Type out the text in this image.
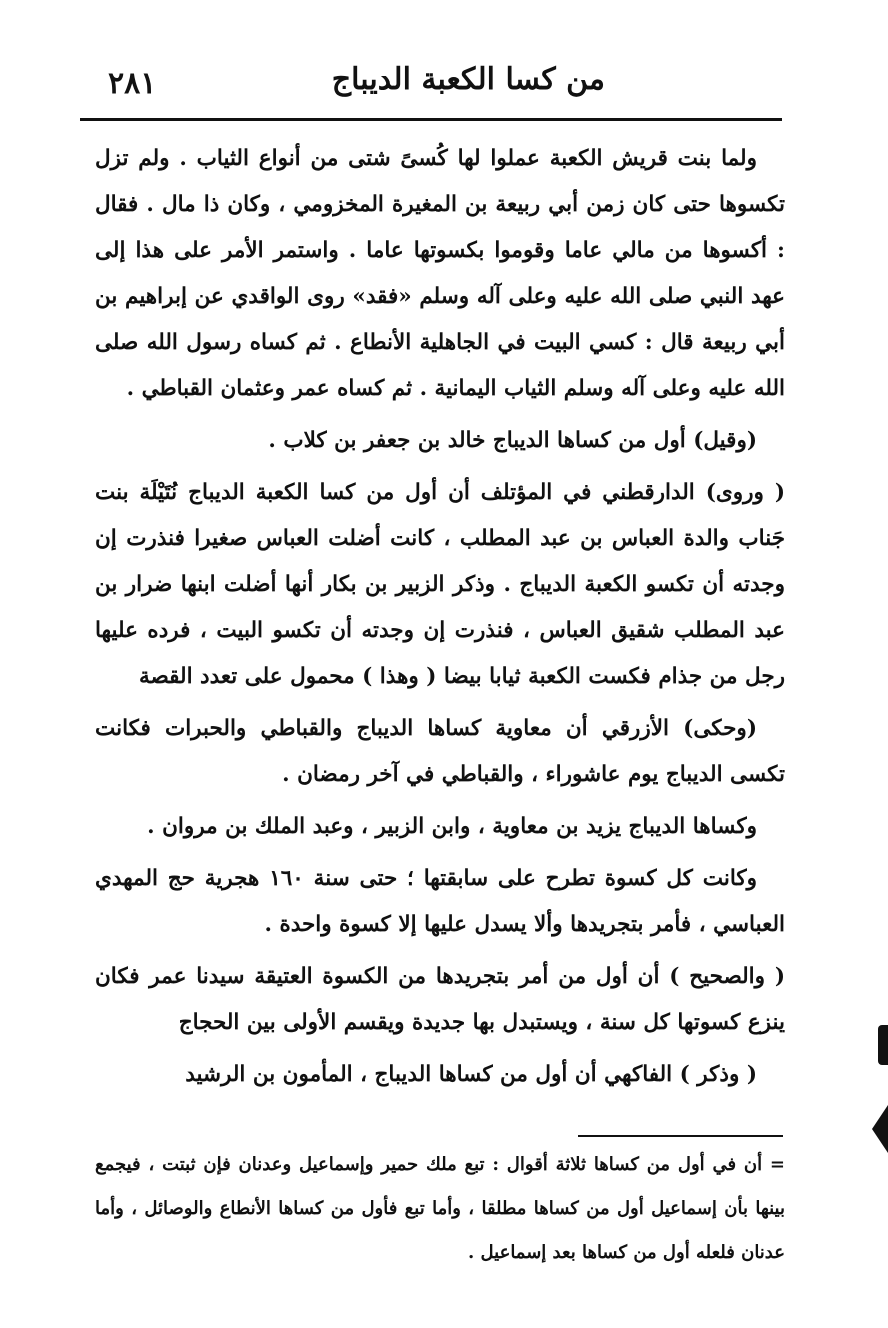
من كسا الكعبة الديباج
٢٨١

ولما بنت قريش الكعبة عملوا لها كُسىً شتى من أنواع الثياب . ولم تزل تكسوها حتى كان زمن أبي ربيعة بن المغيرة المخزومي ، وكان ذا مال . فقال : أكسوها من مالي عاما وقوموا بكسوتها عاما . واستمر الأمر على هذا إلى عهد النبي صلى الله عليه وعلى آله وسلم «فقد» روى الواقدي عن إبراهيم بن أبي ربيعة قال : كسي البيت في الجاهلية الأنطاع . ثم كساه رسول الله صلى الله عليه وعلى آله وسلم الثياب اليمانية . ثم كساه عمر وعثمان القباطي .

(وقيل) أول من كساها الديباج خالد بن جعفر بن كلاب .

( وروى) الدارقطني في المؤتلف أن أول من كسا الكعبة الديباج نُتَيْلَة بنت جَناب والدة العباس بن عبد المطلب ، كانت أضلت العباس صغيرا فنذرت إن وجدته أن تكسو الكعبة الديباج . وذكر الزبير بن بكار أنها أضلت ابنها ضرار بن عبد المطلب شقيق العباس ، فنذرت إن وجدته أن تكسو البيت ، فرده عليها رجل من جذام فكست الكعبة ثيابا بيضا ( وهذا ) محمول على تعدد القصة

(وحكى) الأزرقي أن معاوية كساها الديباج والقباطي والحبرات فكانت تكسى الديباج يوم عاشوراء ، والقباطي في آخر رمضان .

وكساها الديباج يزيد بن معاوية ، وابن الزبير ، وعبد الملك بن مروان .

وكانت كل كسوة تطرح على سابقتها ؛ حتى سنة ١٦٠ هجرية حج المهدي العباسي ، فأمر بتجريدها وألا يسدل عليها إلا كسوة واحدة .

( والصحيح ) أن أول من أمر بتجريدها من الكسوة العتيقة سيدنا عمر فكان ينزع كسوتها كل سنة ، ويستبدل بها جديدة ويقسم الأولى بين الحجاج

( وذكر ) الفاكهي أن أول من كساها الديباج ، المأمون بن الرشيد

= أن في أول من كساها ثلاثة أقوال : تبع ملك حمير وإسماعيل وعدنان فإن ثبتت ، فيجمع بينها بأن إسماعيل أول من كساها مطلقا ، وأما تبع فأول من كساها الأنطاع والوصائل ، وأما عدنان فلعله أول من كساها بعد إسماعيل .
